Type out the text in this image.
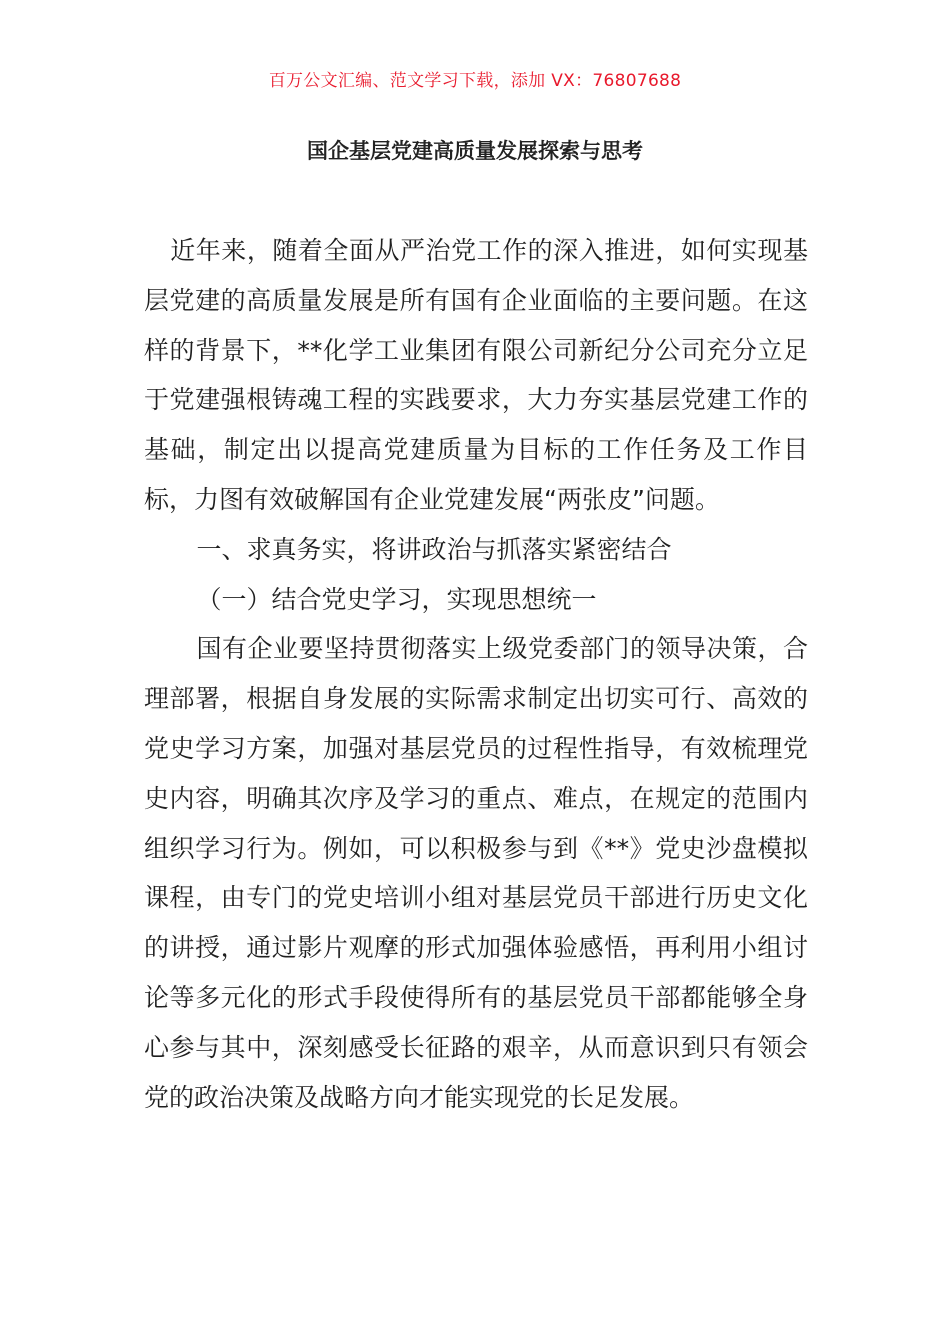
百万公文汇编、范文学习下载，添加 VX：76807688
国企基层党建高质量发展探索与思考

近年来，随着全面从严治党工作的深入推进，如何实现基层党建的高质量发展是所有国有企业面临的主要问题。在这样的背景下，**化学工业集团有限公司新纪分公司充分立足于党建强根铸魂工程的实践要求，大力夯实基层党建工作的基础，制定出以提高党建质量为目标的工作任务及工作目标，力图有效破解国有企业党建发展“两张皮”问题。

一、求真务实，将讲政治与抓落实紧密结合

（一）结合党史学习，实现思想统一

国有企业要坚持贯彻落实上级党委部门的领导决策，合理部署，根据自身发展的实际需求制定出切实可行、高效的党史学习方案，加强对基层党员的过程性指导，有效梳理党史内容，明确其次序及学习的重点、难点，在规定的范围内组织学习行为。例如，可以积极参与到《**》党史沙盘模拟课程，由专门的党史培训小组对基层党员干部进行历史文化的讲授，通过影片观摩的形式加强体验感悟，再利用小组讨论等多元化的形式手段使得所有的基层党员干部都能够全身心参与其中，深刻感受长征路的艰辛，从而意识到只有领会党的政治决策及战略方向才能实现党的长足发展。
